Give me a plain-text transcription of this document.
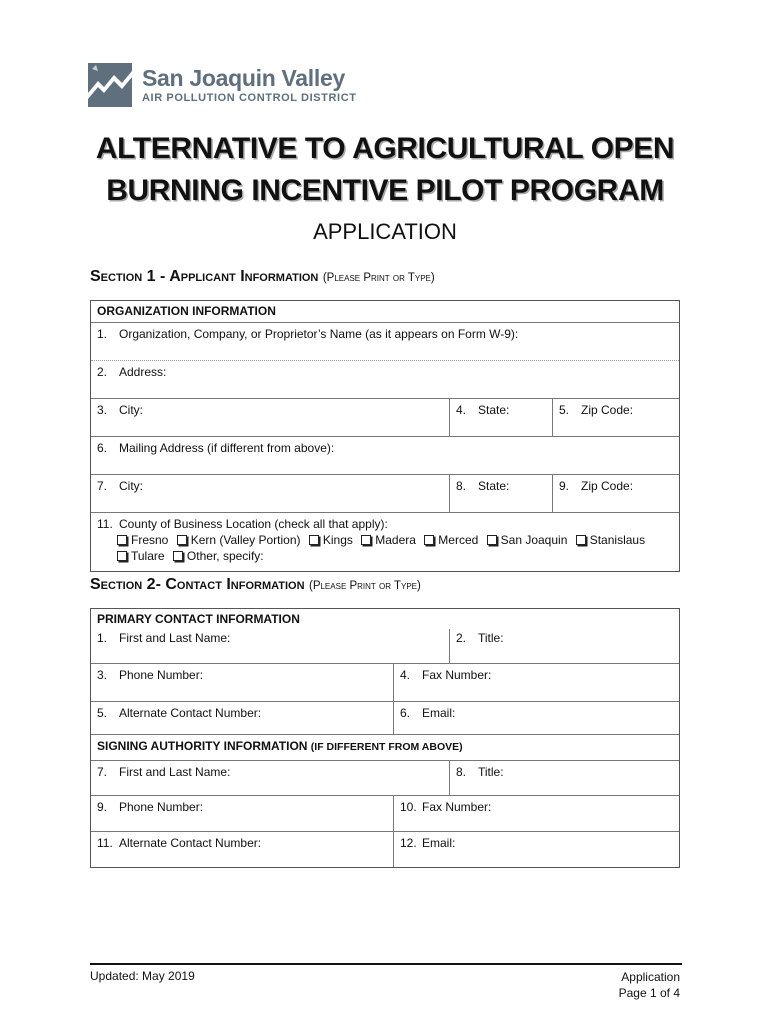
San Joaquin Valley
AIR POLLUTION CONTROL DISTRICT
ALTERNATIVE TO AGRICULTURAL OPEN
BURNING INCENTIVE PILOT PROGRAM
APPLICATION
Section 1 - Applicant Information (Please Print or Type)
ORGANIZATION INFORMATION
1. Organization, Company, or Proprietor’s Name (as it appears on Form W-9):
2. Address:
3. City:	4. State:	5. Zip Code:
6. Mailing Address (if different from above):
7. City:	8. State:	9. Zip Code:
11. County of Business Location (check all that apply):
Fresno Kern (Valley Portion) Kings Madera Merced San Joaquin Stanislaus
Tulare Other, specify:
Section 2- Contact Information (Please Print or Type)
PRIMARY CONTACT INFORMATION
1. First and Last Name:	2. Title:
3. Phone Number:	4. Fax Number:
5. Alternate Contact Number:	6. Email:
SIGNING AUTHORITY INFORMATION (IF DIFFERENT FROM ABOVE)
7. First and Last Name:	8. Title:
9. Phone Number:	10. Fax Number:
11. Alternate Contact Number:	12. Email:
Updated: May 2019	Application
Page 1 of 4
